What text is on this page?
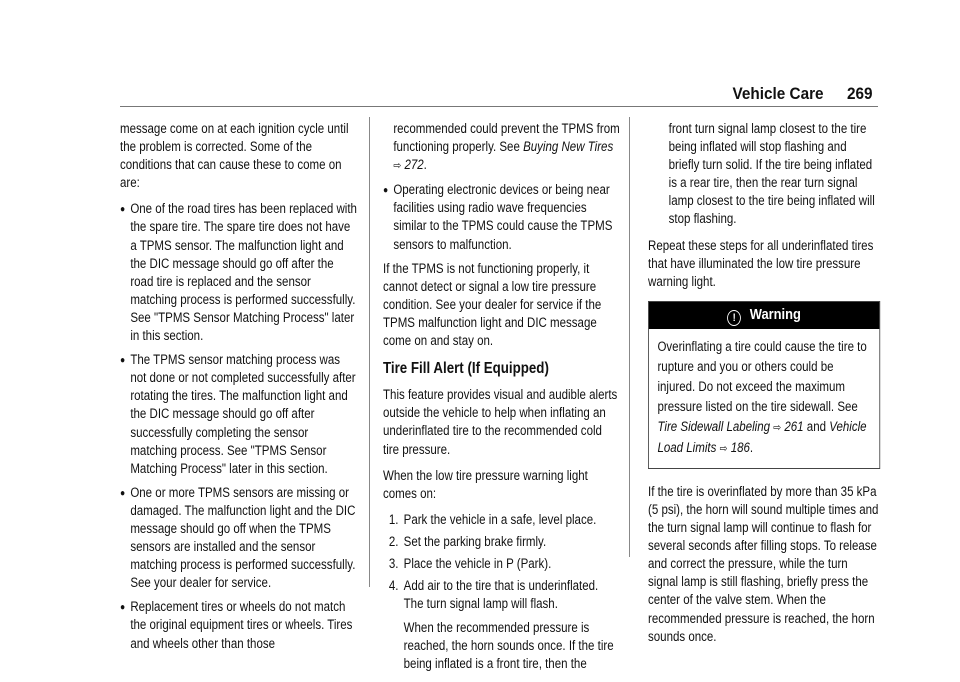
Vehicle Care 269

message come on at each ignition cycle until the problem is corrected. Some of the conditions that can cause these to come on are:

● One of the road tires has been replaced with the spare tire. The spare tire does not have a TPMS sensor. The malfunction light and the DIC message should go off after the road tire is replaced and the sensor matching process is performed successfully. See "TPMS Sensor Matching Process" later in this section.
● The TPMS sensor matching process was not done or not completed successfully after rotating the tires. The malfunction light and the DIC message should go off after successfully completing the sensor matching process. See "TPMS Sensor Matching Process" later in this section.
● One or more TPMS sensors are missing or damaged. The malfunction light and the DIC message should go off when the TPMS sensors are installed and the sensor matching process is performed successfully. See your dealer for service.
● Replacement tires or wheels do not match the original equipment tires or wheels. Tires and wheels other than those
recommended could prevent the TPMS from functioning properly. See Buying New Tires ⇨ 272.
● Operating electronic devices or being near facilities using radio wave frequencies similar to the TPMS could cause the TPMS sensors to malfunction.

If the TPMS is not functioning properly, it cannot detect or signal a low tire pressure condition. See your dealer for service if the TPMS malfunction light and DIC message come on and stay on.

Tire Fill Alert (If Equipped)

This feature provides visual and audible alerts outside the vehicle to help when inflating an underinflated tire to the recommended cold tire pressure.

When the low tire pressure warning light comes on:

1. Park the vehicle in a safe, level place.
2. Set the parking brake firmly.
3. Place the vehicle in P (Park).
4. Add air to the tire that is underinflated. The turn signal lamp will flash.
When the recommended pressure is reached, the horn sounds once. If the tire being inflated is a front tire, then the
front turn signal lamp closest to the tire being inflated will stop flashing and briefly turn solid. If the tire being inflated is a rear tire, then the rear turn signal lamp closest to the tire being inflated will stop flashing.

Repeat these steps for all underinflated tires that have illuminated the low tire pressure warning light.

! Warning
Overinflating a tire could cause the tire to rupture and you or others could be injured. Do not exceed the maximum pressure listed on the tire sidewall. See Tire Sidewall Labeling ⇨ 261 and Vehicle Load Limits ⇨ 186.

If the tire is overinflated by more than 35 kPa (5 psi), the horn will sound multiple times and the turn signal lamp will continue to flash for several seconds after filling stops. To release and correct the pressure, while the turn signal lamp is still flashing, briefly press the center of the valve stem. When the recommended pressure is reached, the horn sounds once.
